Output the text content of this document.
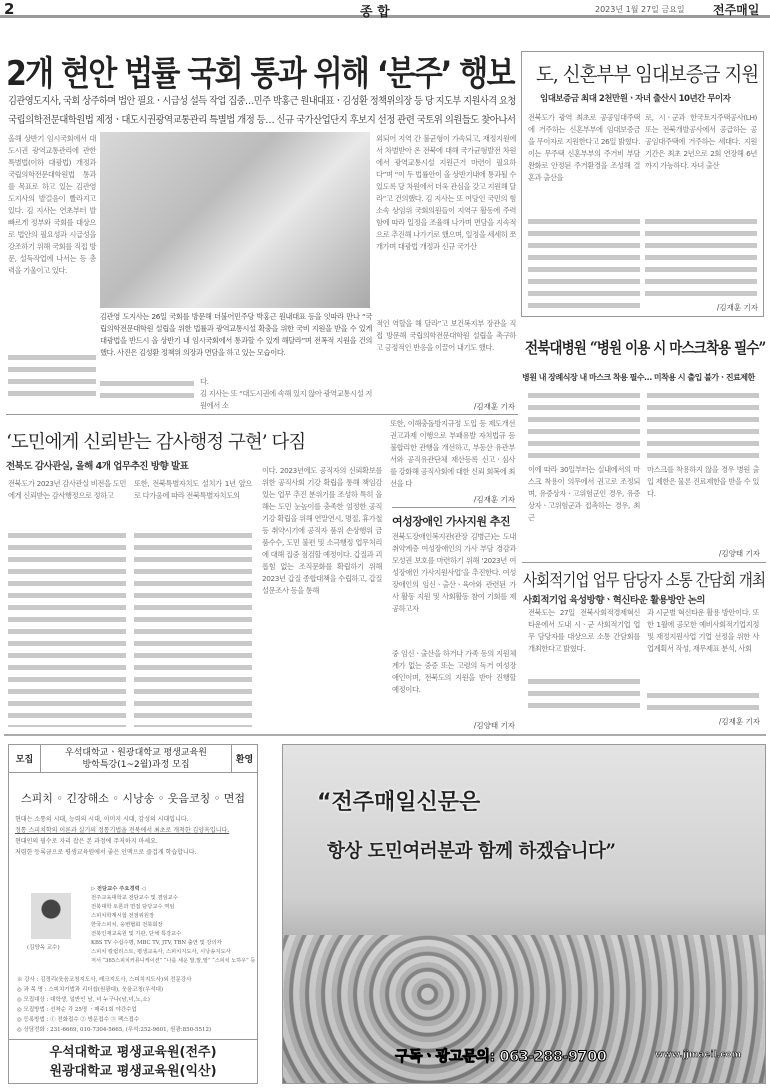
2	종 합	2023년 1월 27일 금요일 전주매일
2개 현안 법률 국회 통과 위해 ‘분주’ 행보
김관영도지사, 국회 상주하며 법안 필요ㆍ시급성 설득 작업 집중…민주 박홍근 원내대표ㆍ김성환 정책위의장 등 당 지도부 지원사격 요청
국립의학전문대학원법 제정ㆍ대도시권광역교통관리 특별법 개정 등… 신규 국가산업단지 후보지 선정 관련 국토위 의원들도 찾아나서
올해 상반기 임시국회에서 대도시권 광역교통관리에 관한 특별법(이하 대광법) 개정과 국립의학전문대학원법 통과를 목표로 하고 있는 김관영 도지사의 발걸음이 빨라지고 있다. 김 지사는 연초부터 발 빠르게 정부와 국회를 대상으로 법안의 필요성과 시급성을 강조하기 위해 국회를 직접 방문, 설득작업에 나서는 등 총력을 기울이고 있다.
김관영 도지사는 26일 국회를 방문해 더불어민주당 박홍근 원내대표 등을 잇따라 만나 “국립의학전문대학원 설립을 위한 법률과 광역교통시설 확충을 위한 국비 지원을 받을 수 있게 대광법을 반드시 올 상반기 내 임시국회에서 통과할 수 있게 해달라”며 전폭적 지원을 건의했다. 사진은 김성환 정책위 의장과 면담을 하고 있는 모습이다.
다.
김 지사는 또 “대도시권에 속해 있지 않아 광역교통시설 지원에서 소
외되어 지역 간 불균형이 가속되고, 재정지원에서 차별받아 온 전북에 대해 국가균형발전 차원에서 광역교통시설 지원근거 마련이 필요하다”며 “이 두 법률안이 올 상반기내에 통과될 수 있도록 당 차원에서 더욱 관심을 갖고 지원해 달라”고 건의했다. 김 지사는 또 여당인 국민의 힘 소속 상임위 국회의원들이 지역구 활동에 주력함에 따라 일정을 조율해 나가며 면담을 지속적으로 추진해 나가기로 했으며, 일정을 세세히 쪼개가며 대광법 개정과 신규 국가산
적인 역할을 해 달라”고 보건복지부 장관을 직접 방문해 국립의학전문대학원 설립을 촉구하고 긍정적인 반응을 이끌어 내기도 했다.
/김재훈 기자
도, 신혼부부 임대보증금 지원
임대보증금 최대 2천만원ㆍ자녀 출산시 10년간 무이자
전북도가 광역 최초로 공공임대주택에 거주하는 신혼부부에 임대보증금을 무이자로 지원한다고 26일 밝혔다. 이는 무주택 신혼부부의 주거비 부담 완화로 안정된 주거환경을 조성해 결혼과 출산을
로, 시ㆍ군과 한국토지주택공사(LH) 또는 전북개발공사에서 공급하는 공공임대주택에 거주하는 세대다. 지원기간은 최초 2년으로 2회 연장해 6년까지 가능하다. 자녀 출산
/김재훈 기자
전북대병원 “병원 이용 시 마스크착용 필수”
병원 내 장례식장 내 마스크 착용 필수… 미착용 시 출입 불가ㆍ진료제한
이에 따라 30일부터는 실내에서의 마스크 착용이 의무에서 권고로 조정되며, 유증상자ㆍ고위험군인 경우, 유증상자ㆍ고위험군과 접촉하는 경우, 최근
마스크를 착용하지 않을 경우 병원 출입 제한은 물론 진료제한을 받을 수 있다.
/김양태 기자
사회적기업 업무 담당자 소통 간담회 개최
사회적기업 육성방향ㆍ혁신타운 활용방안 논의
전북도는 27일 전북사회적경제혁신타운에서 도내 시ㆍ군 사회적기업 업무 담당자를 대상으로 소통 간담회를 개최한다고 밝혔다.
과 시군별 혁신타운 활용 방안이다. 또한 1월에 공모한 예비사회적기업지정 및 재정지원사업 기업 선정을 위한 사업계획서 작성, 재무제표 분석, 사회
/김재훈 기자
‘도민에게 신뢰받는 감사행정 구현’ 다짐
전북도 감사관실, 올해 4개 업무추진 방향 발표
전북도가 2023년 감사관실 비전을 도민에게 신뢰받는 감사행정으로 정하고
또한, 전북특별자치도 설치가 1년 앞으로 다가옴에 따라 전북특별자치도의
이다. 2023년에도 공직자의 신뢰확보를 위한 공직사회 기강 확립을 통해 책임감 있는 업무 추진 분위기를 조성하 특히 올해는 도민 눈높이를 충족한 엄정한 공직기강 확립을 위해 연말연시, 명절, 휴가철 등 취약시기에 공직자 품위 손상행위 금품수수, 도민 불편 및 소극행정 업무처리에 대해 집중 점검할 예정이다. 갑질과 괴롭힘 없는 조직문화를 확립하기 위해 2023년 갑질 종합대책을 수립하고, 갑질 설문조사 등을 통해
또한, 이해충돌방지규정 도입 등 제도개선 권고과제 이행으로 부패유발 자치법규 등 불합리한 관행을 개선하고, 부동산 유관부서와 공직유관단체 재산등록 신고ㆍ심사를 강화해 공직사회에 대한 신뢰 회복에 최선을 다
/김재훈 기자
여성장애인 가사지원 추진
전북도장애인복지관(관장 김병근)는 도내 취약계층 여성장애인의 가사 부담 경감과 모성권 보호를 마련하기 위해 ‘2023년 여성장애인 가사지원사업’을 추진한다. 여성장애인의 임신ㆍ출산ㆍ육아와 관련된 가사 활동 지원 및 사회활동 참여 기회를 제공하고자
중 임신ㆍ출산을 하거나 가족 등의 지원체계가 없는 중증 또는 고령의 독거 여성장애인이며, 전북도의 지원을 받아 진행할 예정이다.
/김양태 기자
모집
우석대학교ㆍ원광대학교 평생교육원
방학특강(1~2월)과정 모집	환영
스피치 ◦ 긴장해소 ◦ 시낭송 ◦ 웃음코칭 ◦ 면접
현대는 소통의 시대, 능력의 시대, 이미지 시대, 감성의 시대입니다.
정통 스피치학의 이론과 실기의 정통기법을 전북에서 최초로 개척한 김양옥입니다.
현대인의 필수로 자리 잡은 본 과정에 주저하지 마세요.
저렴한 등록금으로 평생교육원에서 좋은 인맥으로 즐겁게 학습합니다.
(김양옥 교수)
▷ 전담교수 주요경력 ◁
전주교육대학교 전담교수 및 겸임교수
전북대학 토론과 면접 담당교수 역임
스피치학계시험 전점위원장
한국스피치, 웅변협회 전북회장
전북인재교육원 및 기관, 단체 특강교수
KBS TV 수십수명, MBC TV, JTV, TBN 출연 및 강의자
스피치 칼럼리스트, 평생교육사, 스피치지도사, 시낭송지도사
저서 “365스피치커뮤니케이션” “나를 세운 말,말,말” “스피치 노하우” 등
※ 강사 : 김정리(웃음코칭지도사, 레크지도사, 스피치지도사)외 전문강사
◎ 과 목 명 : 스피치기법과 리더쉽(원광대), 웃음코칭(우석대)
◎ 모집대상 : 대학생, 일반인 남, 녀 누구나(남,녀,노,소)
◎ 모집방법 : 선착순 각 25명 ㆍ매주1회 야간수업
◎ 등록방법 : ① 전화접수 ② 방문접수 ③ 팩스접수
◎ 상담전화 : 231-6669, 010-7304-5665, (우석:252-9601, 원광:850-5512)
우석대학교 평생교육원(전주)
원광대학교 평생교육원(익산)
“전주매일신문은
항상 도민여러분과 함께 하겠습니다”
구독ㆍ광고문의: 063-288-9700	www.jjmaeil.com
